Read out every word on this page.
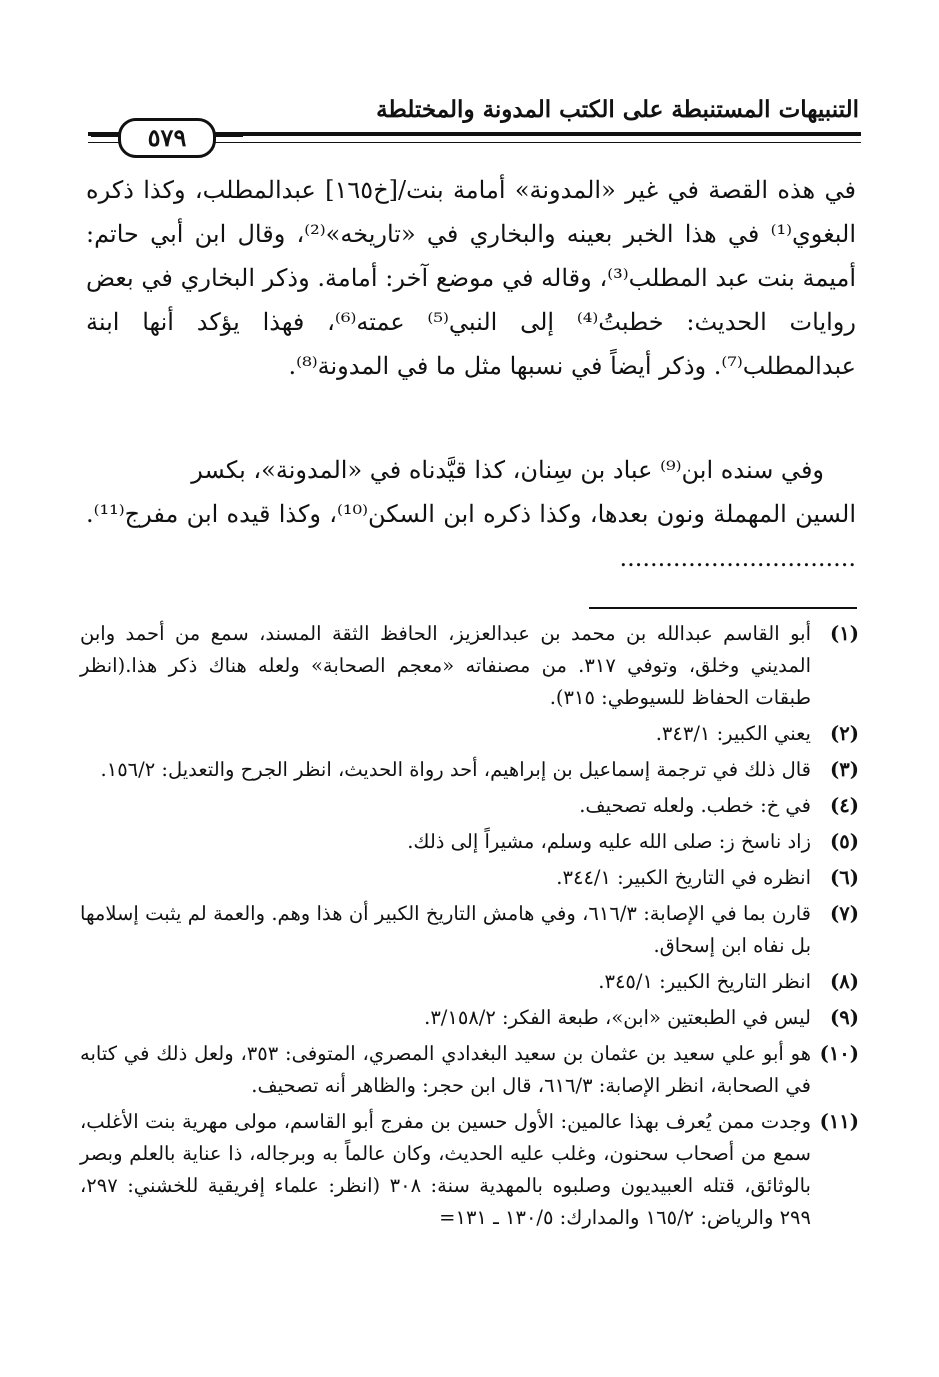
التنبيهات المستنبطة على الكتب المدونة والمختلطة
٥٧٩
في هذه القصة في غير «المدونة» أمامة بنت/[خ١٦٥] عبدالمطلب، وكذا ذكره البغوي⁽¹⁾ في هذا الخبر بعينه والبخاري في «تاريخه»⁽²⁾، وقال ابن أبي حاتم: أميمة بنت عبد المطلب⁽³⁾، وقاله في موضع آخر: أمامة. وذكر البخاري في بعض روايات الحديث: خطبتُ⁽⁴⁾ إلى النبي⁽⁵⁾ عمته⁽⁶⁾، فهذا يؤكد أنها ابنة عبدالمطلب⁽⁷⁾. وذكر أيضاً في نسبها مثل ما في المدونة⁽⁸⁾.
وفي سنده ابن⁽⁹⁾ عباد بن سِنان، كذا قيَّدناه في «المدونة»، بكسر
السين المهملة ونون بعدها، وكذا ذكره ابن السكن⁽¹⁰⁾، وكذا قيده ابن مفرج⁽¹¹⁾. ...............................
(١)
أبو القاسم عبدالله بن محمد بن عبدالعزيز، الحافظ الثقة المسند، سمع من أحمد وابن المديني وخلق، وتوفي ٣١٧. من مصنفاته «معجم الصحابة» ولعله هناك ذكر هذا.(انظر طبقات الحفاظ للسيوطي: ٣١٥).
(٢)
يعني الكبير: ٣٤٣/١.
(٣)
قال ذلك في ترجمة إسماعيل بن إبراهيم، أحد رواة الحديث، انظر الجرح والتعديل: ١٥٦/٢.
(٤)
في خ: خطب. ولعله تصحيف.
(٥)
زاد ناسخ ز: صلى الله عليه وسلم، مشيراً إلى ذلك.
(٦)
انظره في التاريخ الكبير: ٣٤٤/١.
(٧)
قارن بما في الإصابة: ٦١٦/٣، وفي هامش التاريخ الكبير أن هذا وهم. والعمة لم يثبت إسلامها بل نفاه ابن إسحاق.
(٨)
انظر التاريخ الكبير: ٣٤٥/١.
(٩)
ليس في الطبعتين «ابن»، طبعة الفكر: ٣/١٥٨/٢.
(١٠)
هو أبو علي سعيد بن عثمان بن سعيد البغدادي المصري، المتوفى: ٣٥٣، ولعل ذلك في كتابه في الصحابة، انظر الإصابة: ٦١٦/٣، قال ابن حجر: والظاهر أنه تصحيف.
(١١)
وجدت ممن يُعرف بهذا عالمين: الأول حسين بن مفرج أبو القاسم، مولى مهرية بنت الأغلب، سمع من أصحاب سحنون، وغلب عليه الحديث، وكان عالماً به وبرجاله، ذا عناية بالعلم وبصر بالوثائق، قتله العبيديون وصلبوه بالمهدية سنة: ٣٠٨ (انظر: علماء إفريقية للخشني: ٢٩٧، ٢٩٩ والرياض: ١٦٥/٢ والمدارك: ١٣٠/٥ ـ ١٣١=
